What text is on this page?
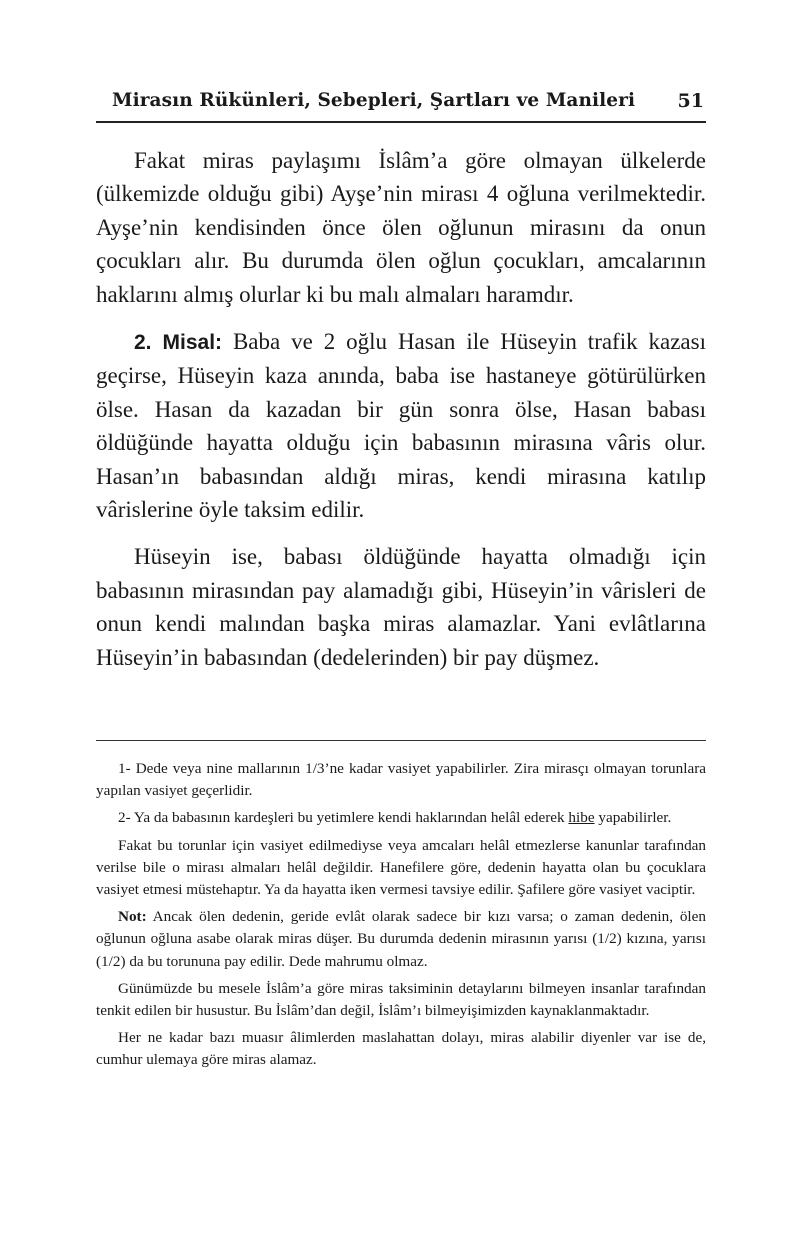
Mirasın Rükünleri, Sebepleri, Şartları ve Manileri 51

Fakat miras paylaşımı İslâm’a göre olmayan ülkelerde (ülkemizde olduğu gibi) Ayşe’nin mirası 4 oğluna verilmektedir. Ayşe’nin kendisinden önce ölen oğlunun mirasını da onun çocukları alır. Bu durumda ölen oğlun çocukları, amcalarının haklarını almış olurlar ki bu malı almaları haramdır.

2. Misal: Baba ve 2 oğlu Hasan ile Hüseyin trafik kazası geçirse, Hüseyin kaza anında, baba ise hastaneye götürülürken ölse. Hasan da kazadan bir gün sonra ölse, Hasan babası öldüğünde hayatta olduğu için babasının mirasına vâris olur. Hasan’ın babasından aldığı miras, kendi mirasına katılıp vârislerine öyle taksim edilir.

Hüseyin ise, babası öldüğünde hayatta olmadığı için babasının mirasından pay alamadığı gibi, Hüseyin’in vârisleri de onun kendi malından başka miras alamazlar. Yani evlâtlarına Hüseyin’in babasından (dedelerinden) bir pay düşmez.

1- Dede veya nine mallarının 1/3’ne kadar vasiyet yapabilirler. Zira mirasçı olmayan torunlara yapılan vasiyet geçerlidir.

2- Ya da babasının kardeşleri bu yetimlere kendi haklarından helâl ederek hibe yapabilirler.

Fakat bu torunlar için vasiyet edilmediyse veya amcaları helâl etmezlerse kanunlar tarafından verilse bile o mirası almaları helâl değildir. Hanefilere göre, dedenin hayatta olan bu çocuklara vasiyet etmesi müstehaptır. Ya da hayatta iken vermesi tavsiye edilir. Şafilere göre vasiyet vaciptir.

Not: Ancak ölen dedenin, geride evlât olarak sadece bir kızı varsa; o zaman dedenin, ölen oğlunun oğluna asabe olarak miras düşer. Bu durumda dedenin mirasının yarısı (1/2) kızına, yarısı (1/2) da bu torununa pay edilir. Dede mahrumu olmaz.

Günümüzde bu mesele İslâm’a göre miras taksiminin detaylarını bilmeyen insanlar tarafından tenkit edilen bir husustur. Bu İslâm’dan değil, İslâm’ı bilmeyişimizden kaynaklanmaktadır.

Her ne kadar bazı muasır âlimlerden maslahattan dolayı, miras alabilir diyenler var ise de, cumhur ulemaya göre miras alamaz.
